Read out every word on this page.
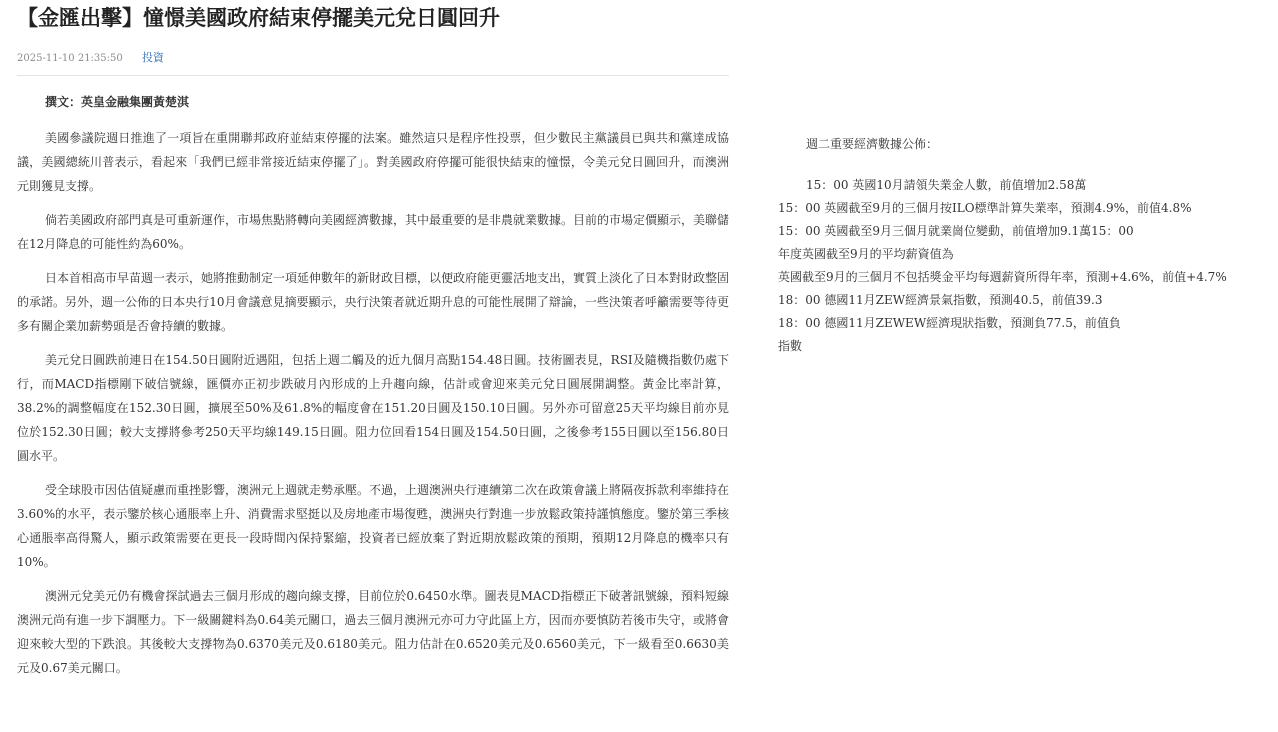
【金匯出擊】憧憬美國政府結束停擺美元兌日圓回升
2025-11-10 21:35:50 投資

撰文：英皇金融集團黃楚淇

美國參議院週日推進了一項旨在重開聯邦政府並結束停擺的法案。雖然這只是程序性投票，但少數民主黨議員已與共和黨達成協議，美國總統川普表示，看起來「我們已經非常接近結束停擺了」。對美國政府停擺可能很快結束的憧憬，令美元兌日圓回升，而澳洲元則獲見支撐。

倘若美國政府部門真是可重新運作，市場焦點將轉向美國經濟數據，其中最重要的是非農就業數據。目前的市場定價顯示，美聯儲在12月降息的可能性約為60%。

日本首相高市早苗週一表示，她將推動制定一項延伸數年的新財政目標，以便政府能更靈活地支出，實質上淡化了日本對財政整固的承諾。另外，週一公佈的日本央行10月會議意見摘要顯示，央行決策者就近期升息的可能性展開了辯論，一些決策者呼籲需要等待更多有關企業加薪勢頭是否會持續的數據。

美元兌日圓跌前連日在154.50日圓附近遇阻，包括上週二觸及的近九個月高點154.48日圓。技術圖表見，RSI及隨機指數仍處下行，而MACD指標剛下破信號線，匯價亦正初步跌破月內形成的上升趨向線，估計或會迎來美元兌日圓展開調整。黃金比率計算，38.2%的調整幅度在152.30日圓，擴展至50%及61.8%的幅度會在151.20日圓及150.10日圓。另外亦可留意25天平均線目前亦見位於152.30日圓；較大支撐將參考250天平均線149.15日圓。阻力位回看154日圓及154.50日圓，之後參考155日圓以至156.80日圓水平。

受全球股市因估值疑慮而重挫影響，澳洲元上週就走勢承壓。不過，上週澳洲央行連續第二次在政策會議上將隔夜拆款利率維持在3.60%的水平，表示鑒於核心通脹率上升、消費需求堅挺以及房地產市場復甦，澳洲央行對進一步放鬆政策持謹慎態度。鑒於第三季核心通脹率高得驚人，顯示政策需要在更長一段時間內保持緊縮，投資者已經放棄了對近期放鬆政策的預期，預期12月降息的機率只有10%。

澳洲元兌美元仍有機會探試過去三個月形成的趨向線支撐，目前位於0.6450水準。圖表見MACD指標正下破著訊號線，預料短線澳洲元尚有進一步下調壓力。下一級關鍵料為0.64美元關口，過去三個月澳洲元亦可力守此區上方，因而亦要慎防若後市失守，或將會迎來較大型的下跌浪。其後較大支撐物為0.6370美元及0.6180美元。阻力估計在0.6520美元及0.6560美元，下一級看至0.6630美元及0.67美元關口。

週二重要經濟數據公佈：
15：00 英國10月請領失業金人數，前值增加2.58萬
15：00 英國截至9月的三個月按ILO標準計算失業率，預測4.9%，前值4.8%
15：00 英國截至9月三個月就業崗位變動，前值增加9.1萬15：00
年度英國截至9月的平均薪資值為
英國截至9月的三個月不包括獎金平均每週薪資所得年率，預測+4.6%，前值+4.7%
18：00 德國11月ZEW經濟景氣指數，預測40.5，前值39.3
18：00 德國11月ZEWEW經濟現狀指數，預測負77.5，前值負
指數
